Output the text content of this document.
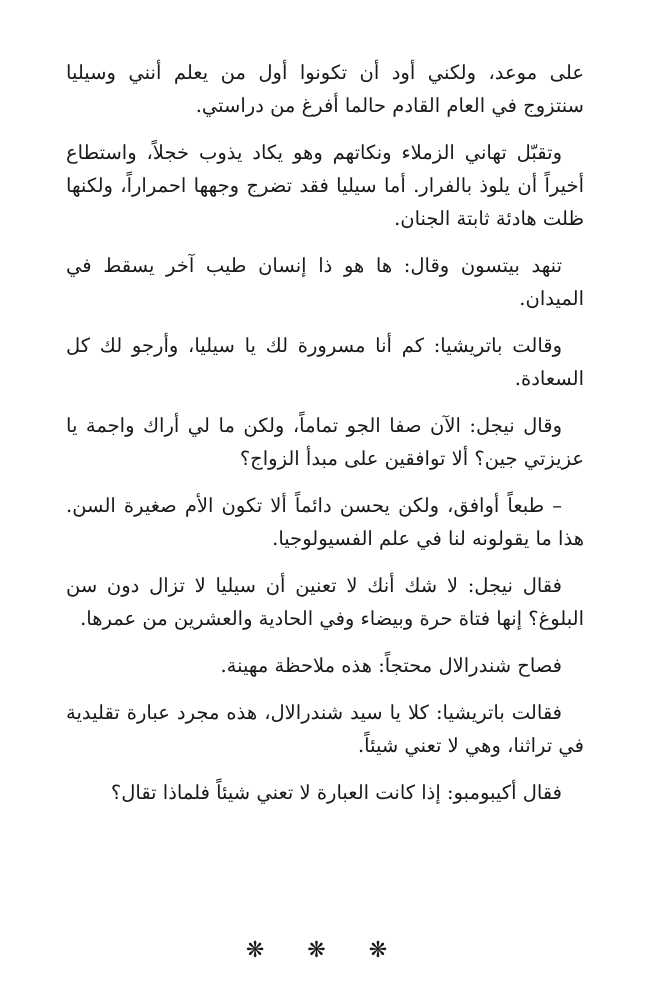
على موعد، ولكني أود أن تكونوا أول من يعلم أنني وسيليا سنتزوج في العام القادم حالما أفرغ من دراستي.

وتقبّل تهاني الزملاء ونكاتهم وهو يكاد يذوب خجلاً، واستطاع أخيراً أن يلوذ بالفرار. أما سيليا فقد تضرج وجهها احمراراً، ولكنها ظلت هادئة ثابتة الجنان.

تنهد بيتسون وقال: ها هو ذا إنسان طيب آخر يسقط في الميدان.

وقالت باتريشيا: كم أنا مسرورة لك يا سيليا، وأرجو لك كل السعادة.

وقال نيجل: الآن صفا الجو تماماً، ولكن ما لي أراك واجمة يا عزيزتي جين؟ ألا توافقين على مبدأ الزواج؟

– طبعاً أوافق، ولكن يحسن دائماً ألا تكون الأم صغيرة السن. هذا ما يقولونه لنا في علم الفسيولوجيا.

فقال نيجل: لا شك أنك لا تعنين أن سيليا لا تزال دون سن البلوغ؟ إنها فتاة حرة وبيضاء وفي الحادية والعشرين من عمرها.

فصاح شندرالال محتجاً: هذه ملاحظة مهينة.

فقالت باتريشيا: كلا يا سيد شندرالال، هذه مجرد عبارة تقليدية في تراثنا، وهي لا تعني شيئاً.

فقال أكيبومبو: إذا كانت العبارة لا تعني شيئاً فلماذا تقال؟

❋ ❋ ❋
